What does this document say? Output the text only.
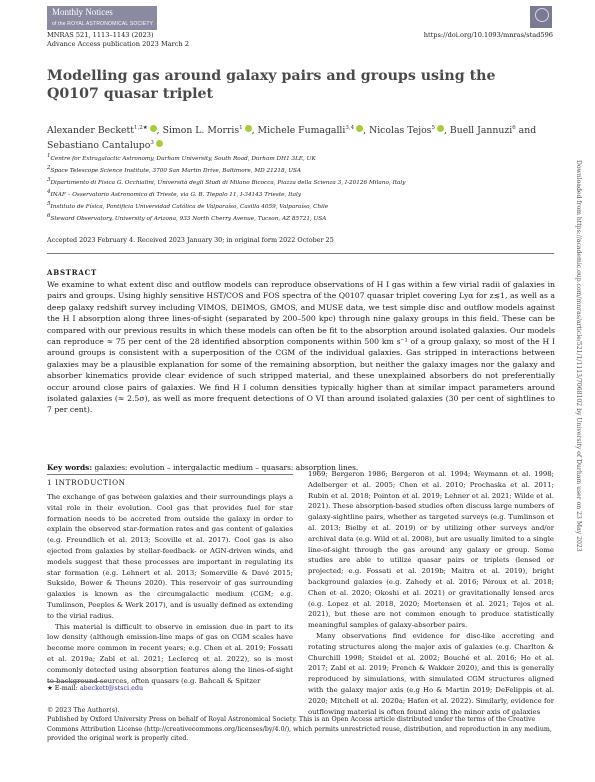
Monthly Notices
of the ROYAL ASTRONOMICAL SOCIETY
MNRAS 521, 1113–1143 (2023)
Advance Access publication 2023 March 2
https://doi.org/10.1093/mnras/stad596
Modelling gas around galaxy pairs and groups using the Q0107 quasar triplet
Alexander Beckett$^{1,2★}$ , Simon L. Morris$^1$ , Michele Fumagalli$^{3,4}$ , Nicolas Tejos$^5$ , Buell Jannuzi$^6$ and Sebastiano Cantalupo$^3$
$^1$Centre for Extragalactic Astronomy, Durham University, South Road, Durham DH1 3LE, UK
$^2$Space Telescope Science Institute, 3700 San Martin Drive, Baltimore, MD 21218, USA
$^3$Dipartimento di Fisica G. Occhialini, Università degli Studi di Milano Bicocca, Piazza della Scienza 3, I-20126 Milano, Italy
$^4$INAF – Osservatorio Astronomico di Trieste, via G. B. Tiepolo 11, I-34143 Trieste, Italy
$^5$Instituto de Física, Pontificia Universidad Católica de Valparaíso, Casilla 4059, Valparaíso, Chile
$^6$Steward Observatory, University of Arizona, 933 North Cherry Avenue, Tucson, AZ 85721, USA
Accepted 2023 February 4. Received 2023 January 30; in original form 2022 October 25
ABSTRACT
We examine to what extent disc and outflow models can reproduce observations of H I gas within a few virial radii of galaxies in pairs and groups. Using highly sensitive HST/COS and FOS spectra of the Q0107 quasar triplet covering Lyα for z≲1, as well as a deep galaxy redshift survey including VIMOS, DEIMOS, GMOS, and MUSE data, we test simple disc and outflow models against the H I absorption along three lines-of-sight (separated by 200–500 kpc) through nine galaxy groups in this field. These can be compared with our previous results in which these models can often be fit to the absorption around isolated galaxies. Our models can reproduce ≈ 75 per cent of the 28 identified absorption components within 500 km s⁻¹ of a group galaxy, so most of the H I around groups is consistent with a superposition of the CGM of the individual galaxies. Gas stripped in interactions between galaxies may be a plausible explanation for some of the remaining absorption, but neither the galaxy images nor the galaxy and absorber kinematics provide clear evidence of such stripped material, and these unexplained absorbers do not preferentially occur around close pairs of galaxies. We find H I column densities typically higher than at similar impact parameters around isolated galaxies (≈ 2.5σ), as well as more frequent detections of O VI than around isolated galaxies (30 per cent of sightlines to 7 per cent).
Key words: galaxies: evolution – intergalactic medium – quasars: absorption lines.
1 INTRODUCTION

The exchange of gas between galaxies and their surroundings plays a vital role in their evolution. Cool gas that provides fuel for star formation needs to be accreted from outside the galaxy in order to explain the observed star-formation rates and gas content of galaxies (e.g. Freundlich et al. 2013; Scoville et al. 2017). Cool gas is also ejected from galaxies by stellar-feedback- or AGN-driven winds, and models suggest that these processes are important in regulating its star formation (e.g. Lehnert et al. 2013; Somerville & Davé 2015; Suksido, Bower & Theuns 2020). This reservoir of gas surrounding galaxies is known as the circumgalactic medium (CGM; e.g. Tumlinson, Peeples & Werk 2017), and is usually defined as extending to the virial radius.

This material is difficult to observe in emission due in part to its low density (although emission-line maps of gas on CGM scales have become more common in recent years; e.g. Chen et al. 2019; Fossati et al. 2019a; Zabl et al. 2021; Leclercq et al. 2022), so is most commonly detected using absorption features along the lines-of-sight to background sources, often quasars (e.g. Bahcall & Spitzer

1969; Bergeron 1986; Bergeron et al. 1994; Weymann et al. 1998; Adelberger et al. 2005; Chen et al. 2010; Prochaska et al. 2011; Rubin et al. 2018; Pointon et al. 2019; Lehner et al. 2021; Wilde et al. 2021). These absorption-based studies often discuss large numbers of galaxy-sightline pairs, whether as targeted surveys (e.g. Tumlinson et al. 2013; Bielby et al. 2019) or by utilizing other surveys and/or archival data (e.g. Wild et al. 2008), but are usually limited to a single line-of-sight through the gas around any galaxy or group. Some studies are able to utilize quasar pairs or triplets (lensed or projected; e.g. Fossati et al. 2019b; Maitra et al. 2019), bright background galaxies (e.g. Zahedy et al. 2016; Péroux et al. 2018; Chen et al. 2020; Okoshi et al. 2021) or gravitationally lensed arcs (e.g. Lopez et al. 2018, 2020; Mortensen et al. 2021; Tejos et al. 2021), but these are not common enough to produce statistically meaningful samples of galaxy-absorber pairs.

Many observations find evidence for disc-like accreting and rotating structures along the major axis of galaxies (e.g. Charlton & Churchill 1998; Steidel et al. 2002; Bouché et al. 2016; Ho et al. 2017; Zabl et al. 2019; French & Wakker 2020), and this is generally reproduced by simulations, with simulated CGM structures aligned with the galaxy major axis (e.g Ho & Martin 2019; DeFelippis et al. 2020; Mitchell et al. 2020a; Hafen et al. 2022). Similarly, evidence for outflowing material is often found along the minor axis of galaxies

★ E-mail: abeckett@stsci.edu
© 2023 The Author(s).
Published by Oxford University Press on behalf of Royal Astronomical Society. This is an Open Access article distributed under the terms of the Creative Commons Attribution License (http://creativecommons.org/licenses/by/4.0/), which permits unrestricted reuse, distribution, and reproduction in any medium, provided the original work is properly cited.
Downloaded from https://academic.oup.com/mnras/article/521/1/1113/7068102 by University of Durham user on 23 May 2023
